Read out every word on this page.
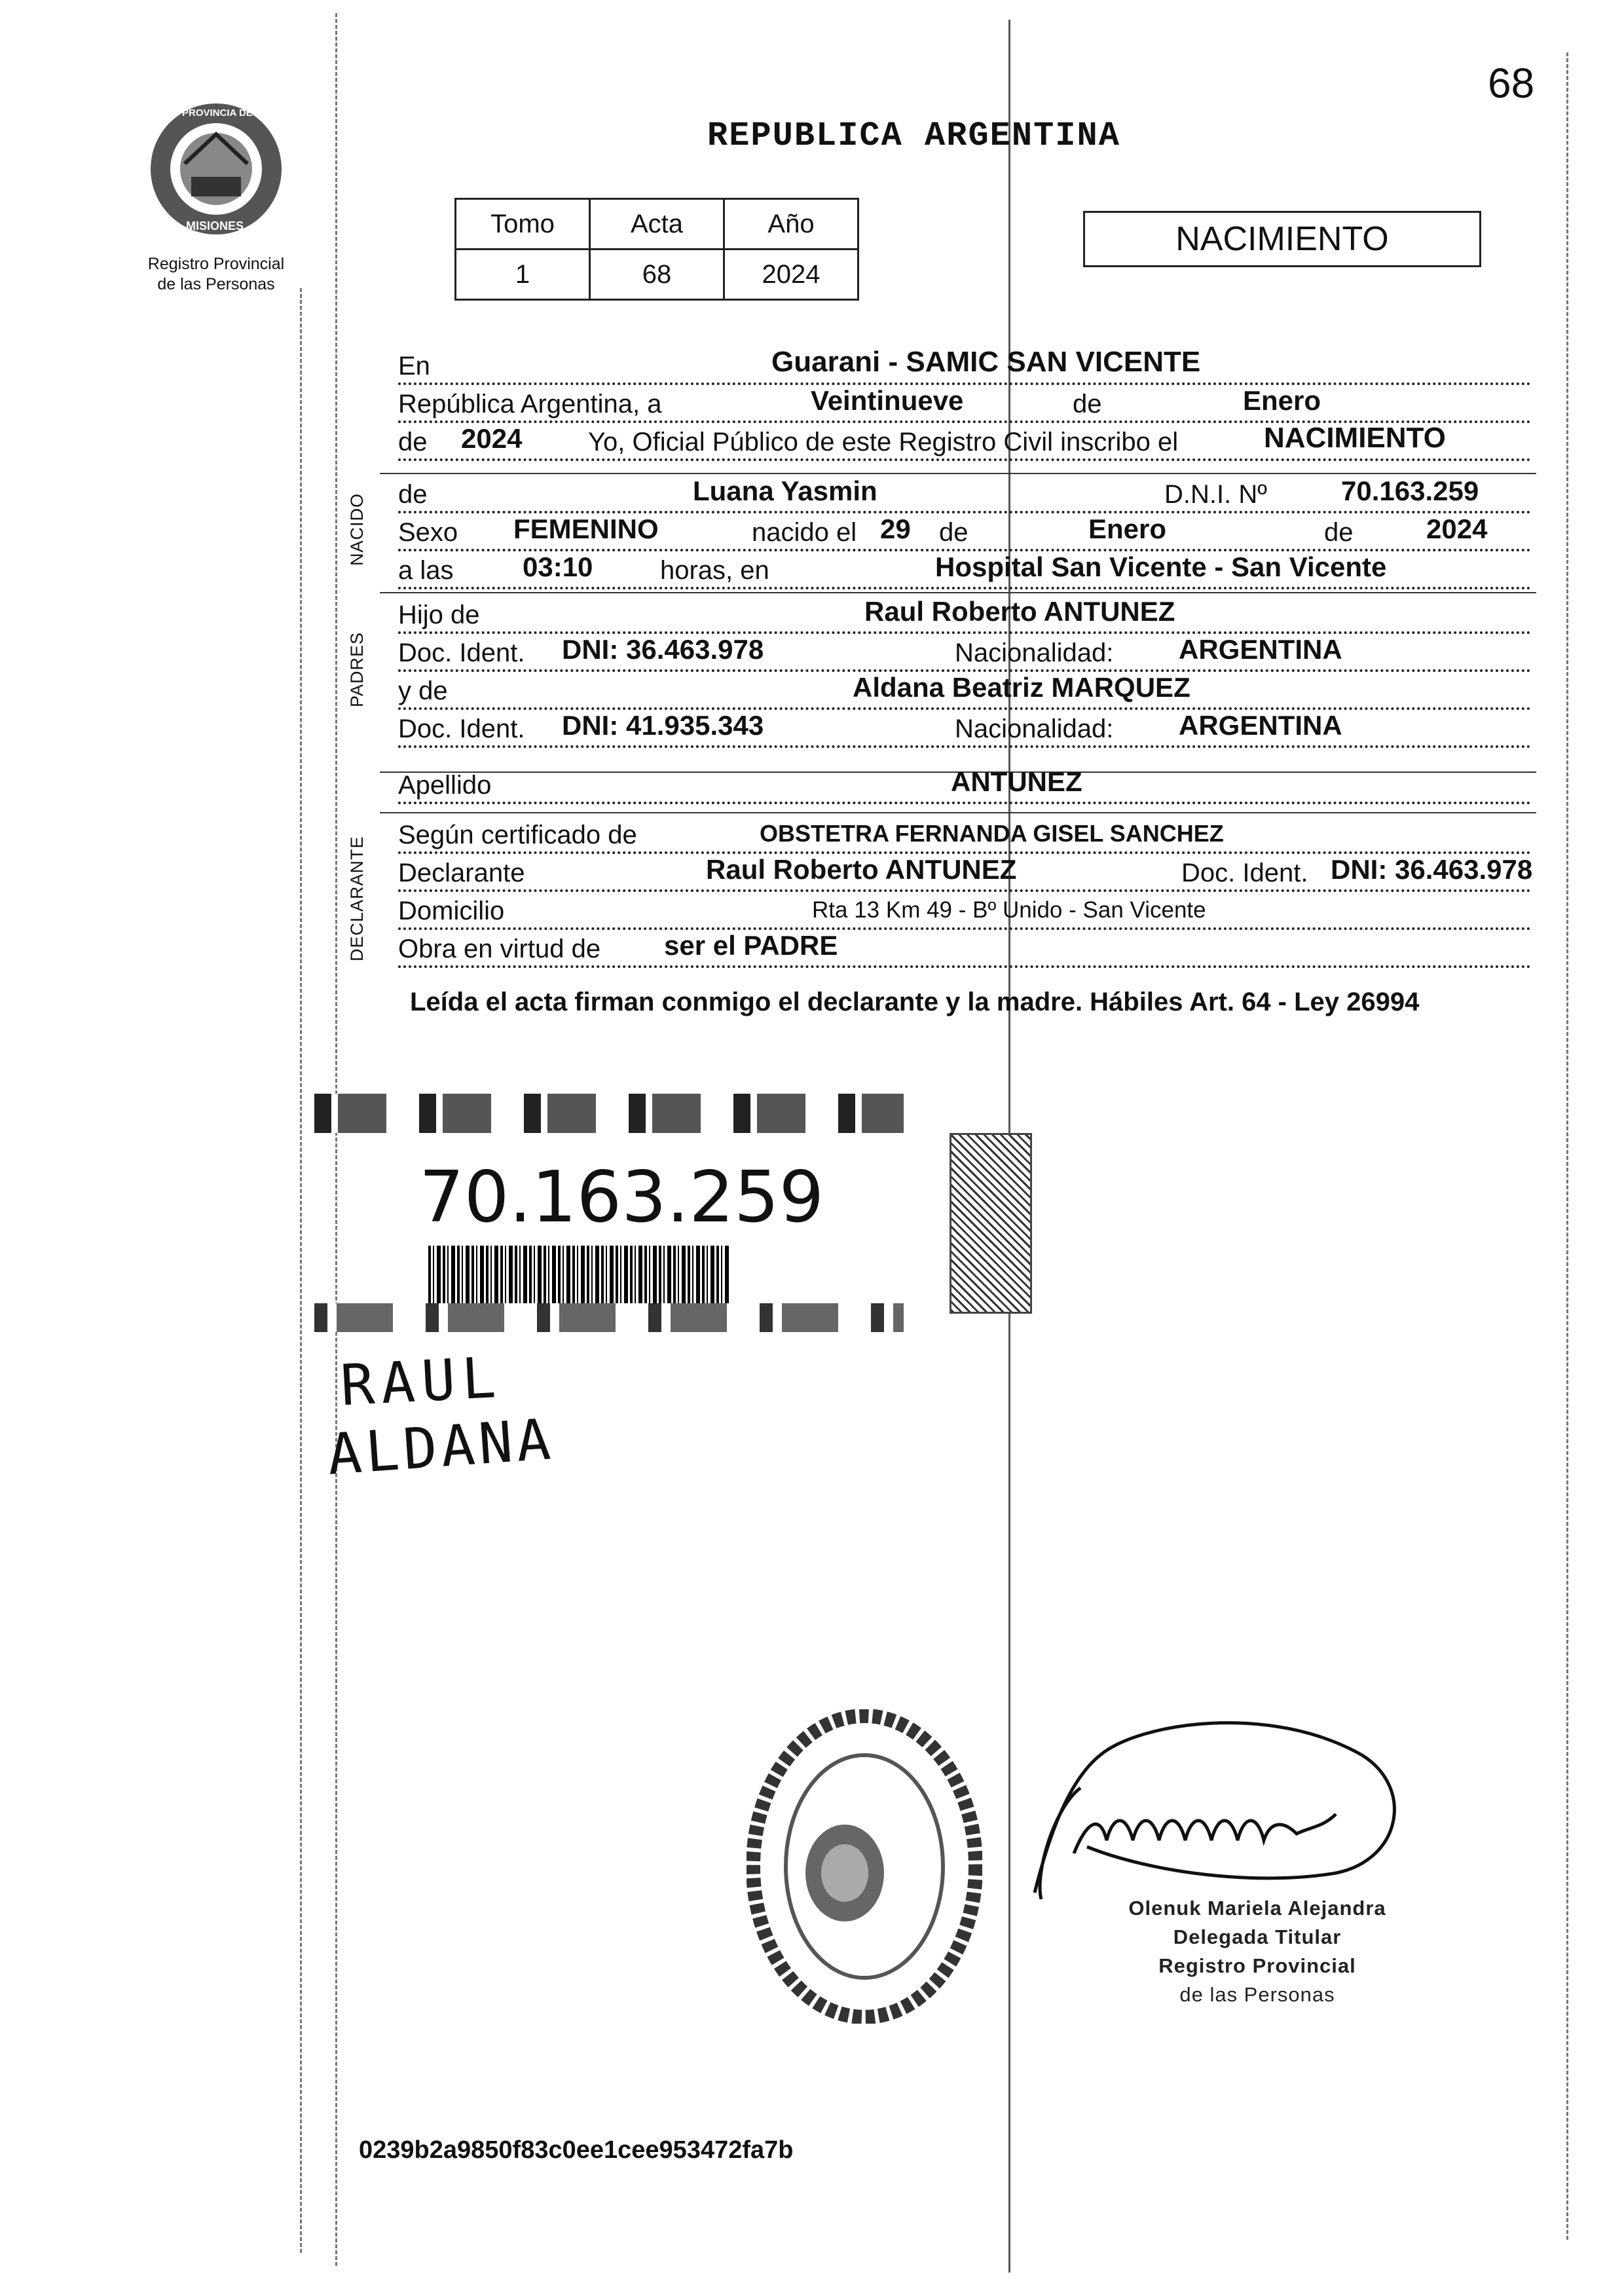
68
PROVINCIA DE
MISIONES
Registro Provincial
de las Personas
REPUBLICA ARGENTINA
Tomo	Acta	Año
1	68	2024
NACIMIENTO
NACIDO
PADRES
DECLARANTE
En	Guarani - SAMIC SAN VICENTE
República Argentina, a	Veintinueve	de	Enero
de 2024	Yo, Oficial Público de este Registro Civil inscribo el	NACIMIENTO
de	Luana Yasmin	D.N.I. Nº	70.163.259
Sexo FEMENINO	nacido el 29 de	Enero	de	2024
a las	03:10	horas, en	Hospital San Vicente - San Vicente
Hijo de	Raul Roberto ANTUNEZ
Doc. Ident. DNI: 36.463.978	Nacionalidad: ARGENTINA
y de	Aldana Beatriz MARQUEZ
Doc. Ident. DNI: 41.935.343	Nacionalidad: ARGENTINA
Apellido	ANTUNEZ
Según certificado de	OBSTETRA FERNANDA GISEL SANCHEZ
Declarante	Raul Roberto ANTUNEZ	Doc. Ident. DNI: 36.463.978
Domicilio	Rta 13 Km 49 - Bº Unido - San Vicente
Obra en virtud de ser el PADRE
Leída el acta firman conmigo el declarante y la madre. Hábiles Art. 64 - Ley 26994
70.163.259
RAUL
ALDANA
Olenuk Mariela Alejandra
Delegada Titular
Registro Provincial
de las Personas
0239b2a9850f83c0ee1cee953472fa7b
